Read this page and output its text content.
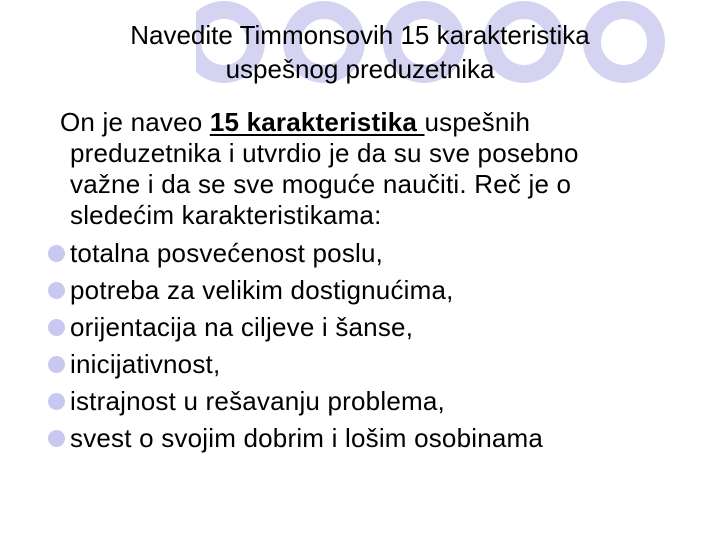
Navedite Timmonsovih 15 karakteristika
uspešnog preduzetnika

On je naveo 15 karakteristika uspešnih
preduzetnika i utvrdio je da su sve posebno
važne i da se sve moguće naučiti. Reč je o
sledećim karakteristikama:

totalna posvećenost poslu,
potreba za velikim dostignućima,
orijentacija na ciljeve i šanse,
inicijativnost,
istrajnost u rešavanju problema,
svest o svojim dobrim i lošim osobinama
